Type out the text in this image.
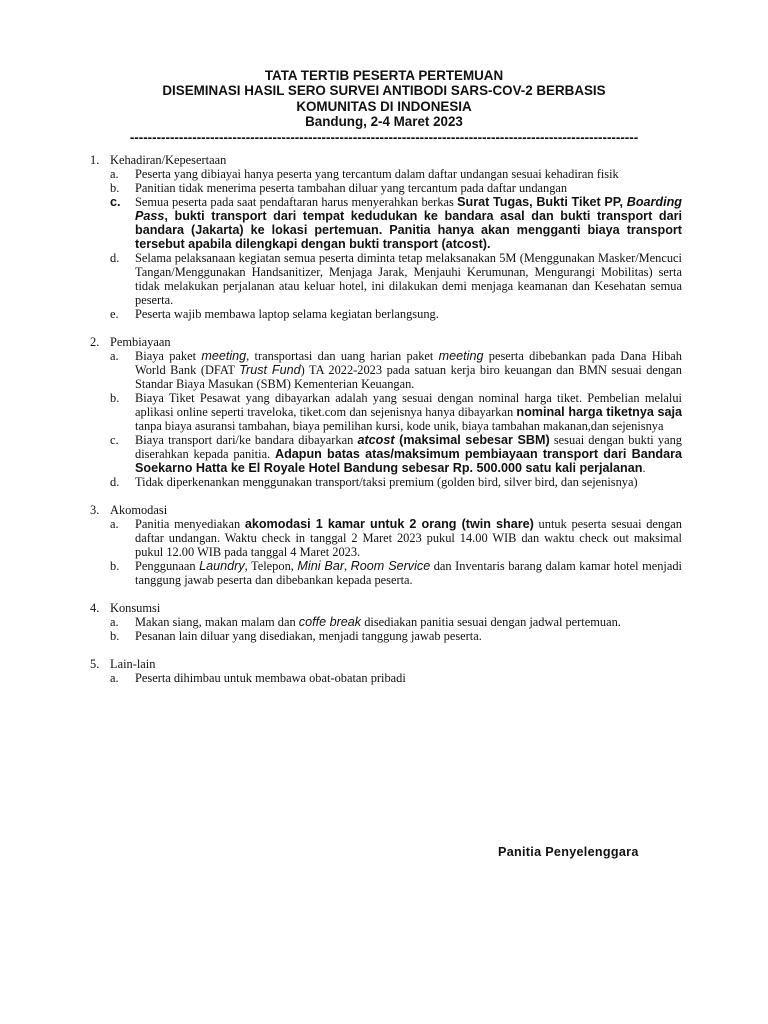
TATA TERTIB PESERTA PERTEMUAN
DISEMINASI HASIL SERO SURVEI ANTIBODI SARS-COV-2 BERBASIS
KOMUNITAS DI INDONESIA
Bandung, 2-4 Maret 2023
------------------------------------------------------------------------------------------------------------------
1. Kehadiran/Kepesertaan
a.	Peserta yang dibiayai hanya peserta yang tercantum dalam daftar undangan sesuai kehadiran fisik
b.	Panitian tidak menerima peserta tambahan diluar yang tercantum pada daftar undangan
c.	Semua peserta pada saat pendaftaran harus menyerahkan berkas Surat Tugas, Bukti Tiket PP, Boarding Pass, bukti transport dari tempat kedudukan ke bandara asal dan bukti transport dari bandara (Jakarta) ke lokasi pertemuan. Panitia hanya akan mengganti biaya transport tersebut apabila dilengkapi dengan bukti transport (atcost).
d.	Selama pelaksanaan kegiatan semua peserta diminta tetap melaksanakan 5M (Menggunakan Masker/Mencuci Tangan/Menggunakan Handsanitizer, Menjaga Jarak, Menjauhi Kerumunan, Mengurangi Mobilitas) serta tidak melakukan perjalanan atau keluar hotel, ini dilakukan demi menjaga keamanan dan Kesehatan semua peserta.
e.	Peserta wajib membawa laptop selama kegiatan berlangsung.
2. Pembiayaan
a.	Biaya paket meeting, transportasi dan uang harian paket meeting peserta dibebankan pada Dana Hibah World Bank (DFAT Trust Fund) TA 2022-2023 pada satuan kerja biro keuangan dan BMN sesuai dengan Standar Biaya Masukan (SBM) Kementerian Keuangan.
b.	Biaya Tiket Pesawat yang dibayarkan adalah yang sesuai dengan nominal harga tiket. Pembelian melalui aplikasi online seperti traveloka, tiket.com dan sejenisnya hanya dibayarkan nominal harga tiketnya saja tanpa biaya asuransi tambahan, biaya pemilihan kursi, kode unik, biaya tambahan makanan,dan sejenisnya
c.	Biaya transport dari/ke bandara dibayarkan atcost (maksimal sebesar SBM) sesuai dengan bukti yang diserahkan kepada panitia. Adapun batas atas/maksimum pembiayaan transport dari Bandara Soekarno Hatta ke El Royale Hotel Bandung sebesar Rp. 500.000 satu kali perjalanan.
d.	Tidak diperkenankan menggunakan transport/taksi premium (golden bird, silver bird, dan sejenisnya)
3. Akomodasi
a.	Panitia menyediakan akomodasi 1 kamar untuk 2 orang (twin share) untuk peserta sesuai dengan daftar undangan. Waktu check in tanggal 2 Maret 2023 pukul 14.00 WIB dan waktu check out maksimal pukul 12.00 WIB pada tanggal 4 Maret 2023.
b.	Penggunaan Laundry, Telepon, Mini Bar, Room Service dan Inventaris barang dalam kamar hotel menjadi tanggung jawab peserta dan dibebankan kepada peserta.
4. Konsumsi
a.	Makan siang, makan malam dan coffe break disediakan panitia sesuai dengan jadwal pertemuan.
b.	Pesanan lain diluar yang disediakan, menjadi tanggung jawab peserta.
5. Lain-lain
a.	Peserta dihimbau untuk membawa obat-obatan pribadi
Panitia Penyelenggara
